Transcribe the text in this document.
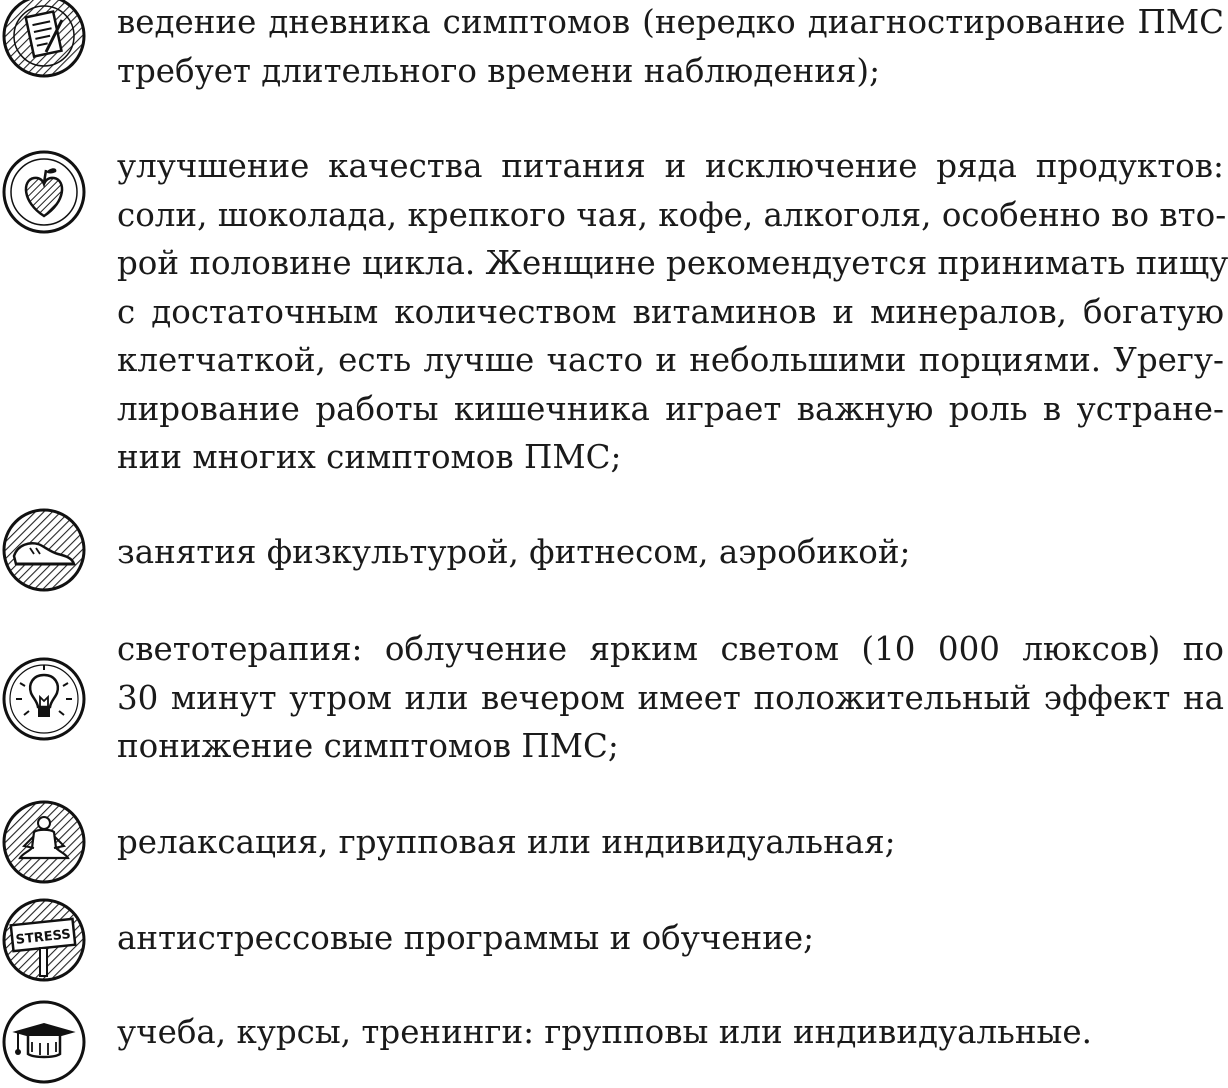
ведение дневника симптомов (нередко диагностирование ПМС
требует длительного времени наблюдения);

улучшение качества питания и исключение ряда продуктов:
соли, шоколада, крепкого чая, кофе, алкоголя, особенно во вто-
рой половине цикла. Женщине рекомендуется принимать пищу
с достаточным количеством витаминов и минералов, богатую
клетчаткой, есть лучше часто и небольшими порциями. Урегу-
лирование работы кишечника играет важную роль в устране-
нии многих симптомов ПМС;

занятия физкультурой, фитнесом, аэробикой;

светотерапия: облучение ярким светом (10 000 люксов) по
30 минут утром или вечером имеет положительный эффект на
понижение симптомов ПМС;

релаксация, групповая или индивидуальная;

STRESS антистрессовые программы и обучение;

учеба, курсы, тренинги: групповы или индивидуальные.
